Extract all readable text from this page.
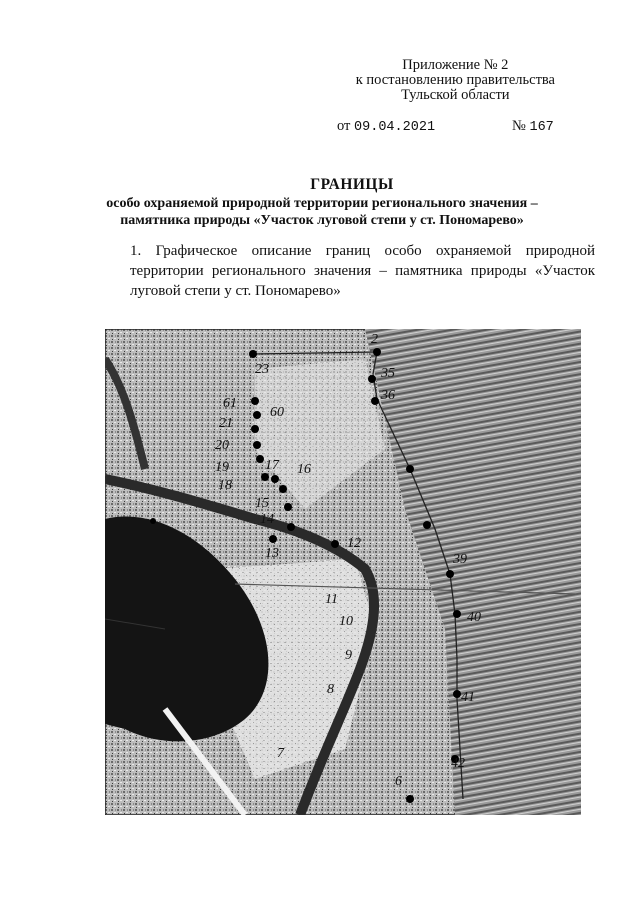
Приложение № 2
к постановлению правительства
Тульской области
от 09.04.2021	№ 167
ГРАНИЦЫ
особо охраняемой природной территории регионального значения –
памятника природы «Участок луговой степи у ст. Пономарево»
1. Графическое описание границ особо охраняемой природной территории регионального значения – памятника природы «Участок луговой степи у ст. Пономарево»
2
23	35
36
61
60
21
20
19
18
17 16
15
14
13
12
11
10
9
8
7
6
39
40
41
42
